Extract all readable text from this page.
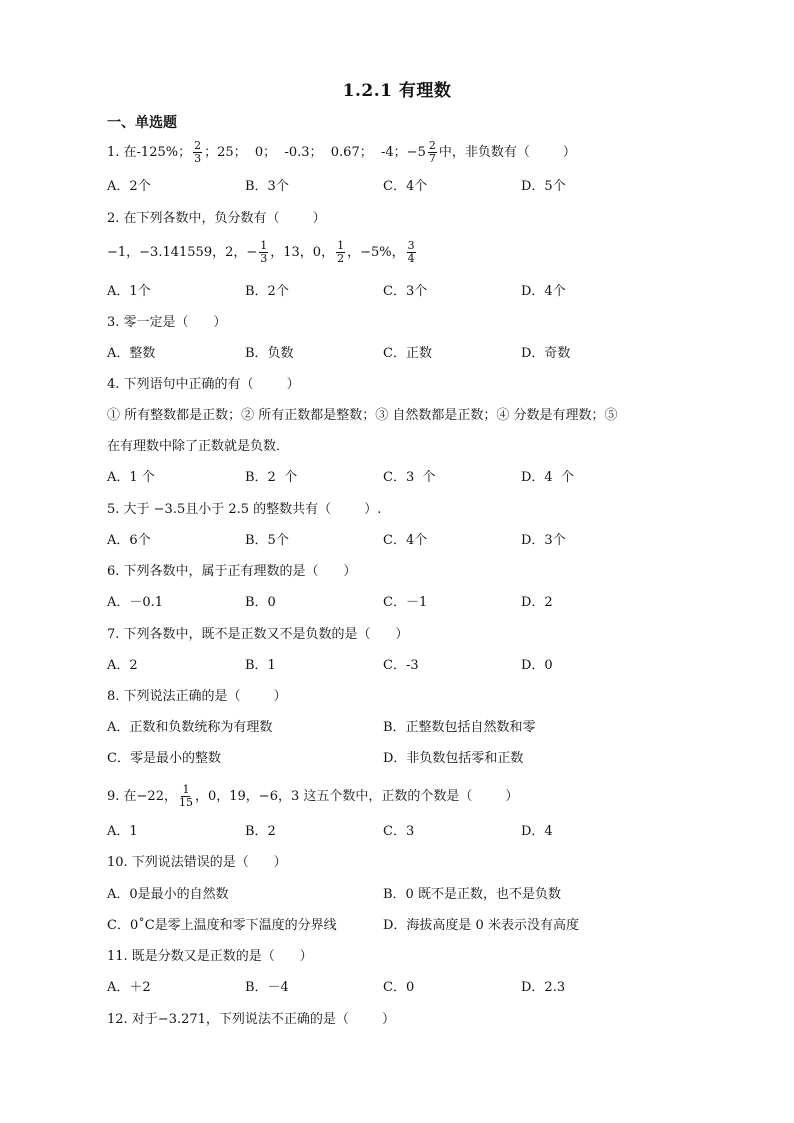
1.2.1 有理数
一、单选题
1. 在-125%； $\frac{2}{3}$ ；25；  0；  -0.3；  0.67；  -4； $-5 \frac{2}{7}$ 中，非负数有（        ）
A．2个	B．3个	C．4个	D．5个
2. 在下列各数中，负分数有（        ）
−1，−3.141559，2，− $\frac{1}{3}$ ，13，0， $\frac{1}{2}$ ，−5%， $\frac{3}{4}$
A．1个	B．2个	C．3个	D．4个
3. 零一定是（      ）
A．整数	B．负数	C．正数	D．奇数
4. 下列语句中正确的有（        ）
① 所有整数都是正数；② 所有正数都是整数；③ 自然数都是正数；④ 分数是有理数；⑤
在有理数中除了正数就是负数．
A．1 个	B．2  个	C．3  个	D．4  个
5. 大于 −3.5且小于 2.5 的整数共有（        ）.
A．6个	B．5个	C．4个	D．3个
6. 下列各数中，属于正有理数的是（      ）
A．－0.1	B．0	C．－1	D．2
7. 下列各数中，既不是正数又不是负数的是（      ）
A．2	B．1	C．-3	D．0
8. 下列说法正确的是（        ）
A．正数和负数统称为有理数	B．正整数包括自然数和零
C．零是最小的整数	D．非负数包括零和正数
9. 在−22， $\frac{1}{15}$ ，0，19，−6，3 这五个数中，正数的个数是（        ）
A．1	B．2	C．3	D．4
10. 下列说法错误的是（      ）
A．0是最小的自然数	B．0 既不是正数，也不是负数
C．0˚C是零上温度和零下温度的分界线	D．海拔高度是 0 米表示没有高度
11. 既是分数又是正数的是（      ）
A．＋2	B．－4	C．0	D．2.3
12. 对于−3.271，下列说法不正确的是（        ）
